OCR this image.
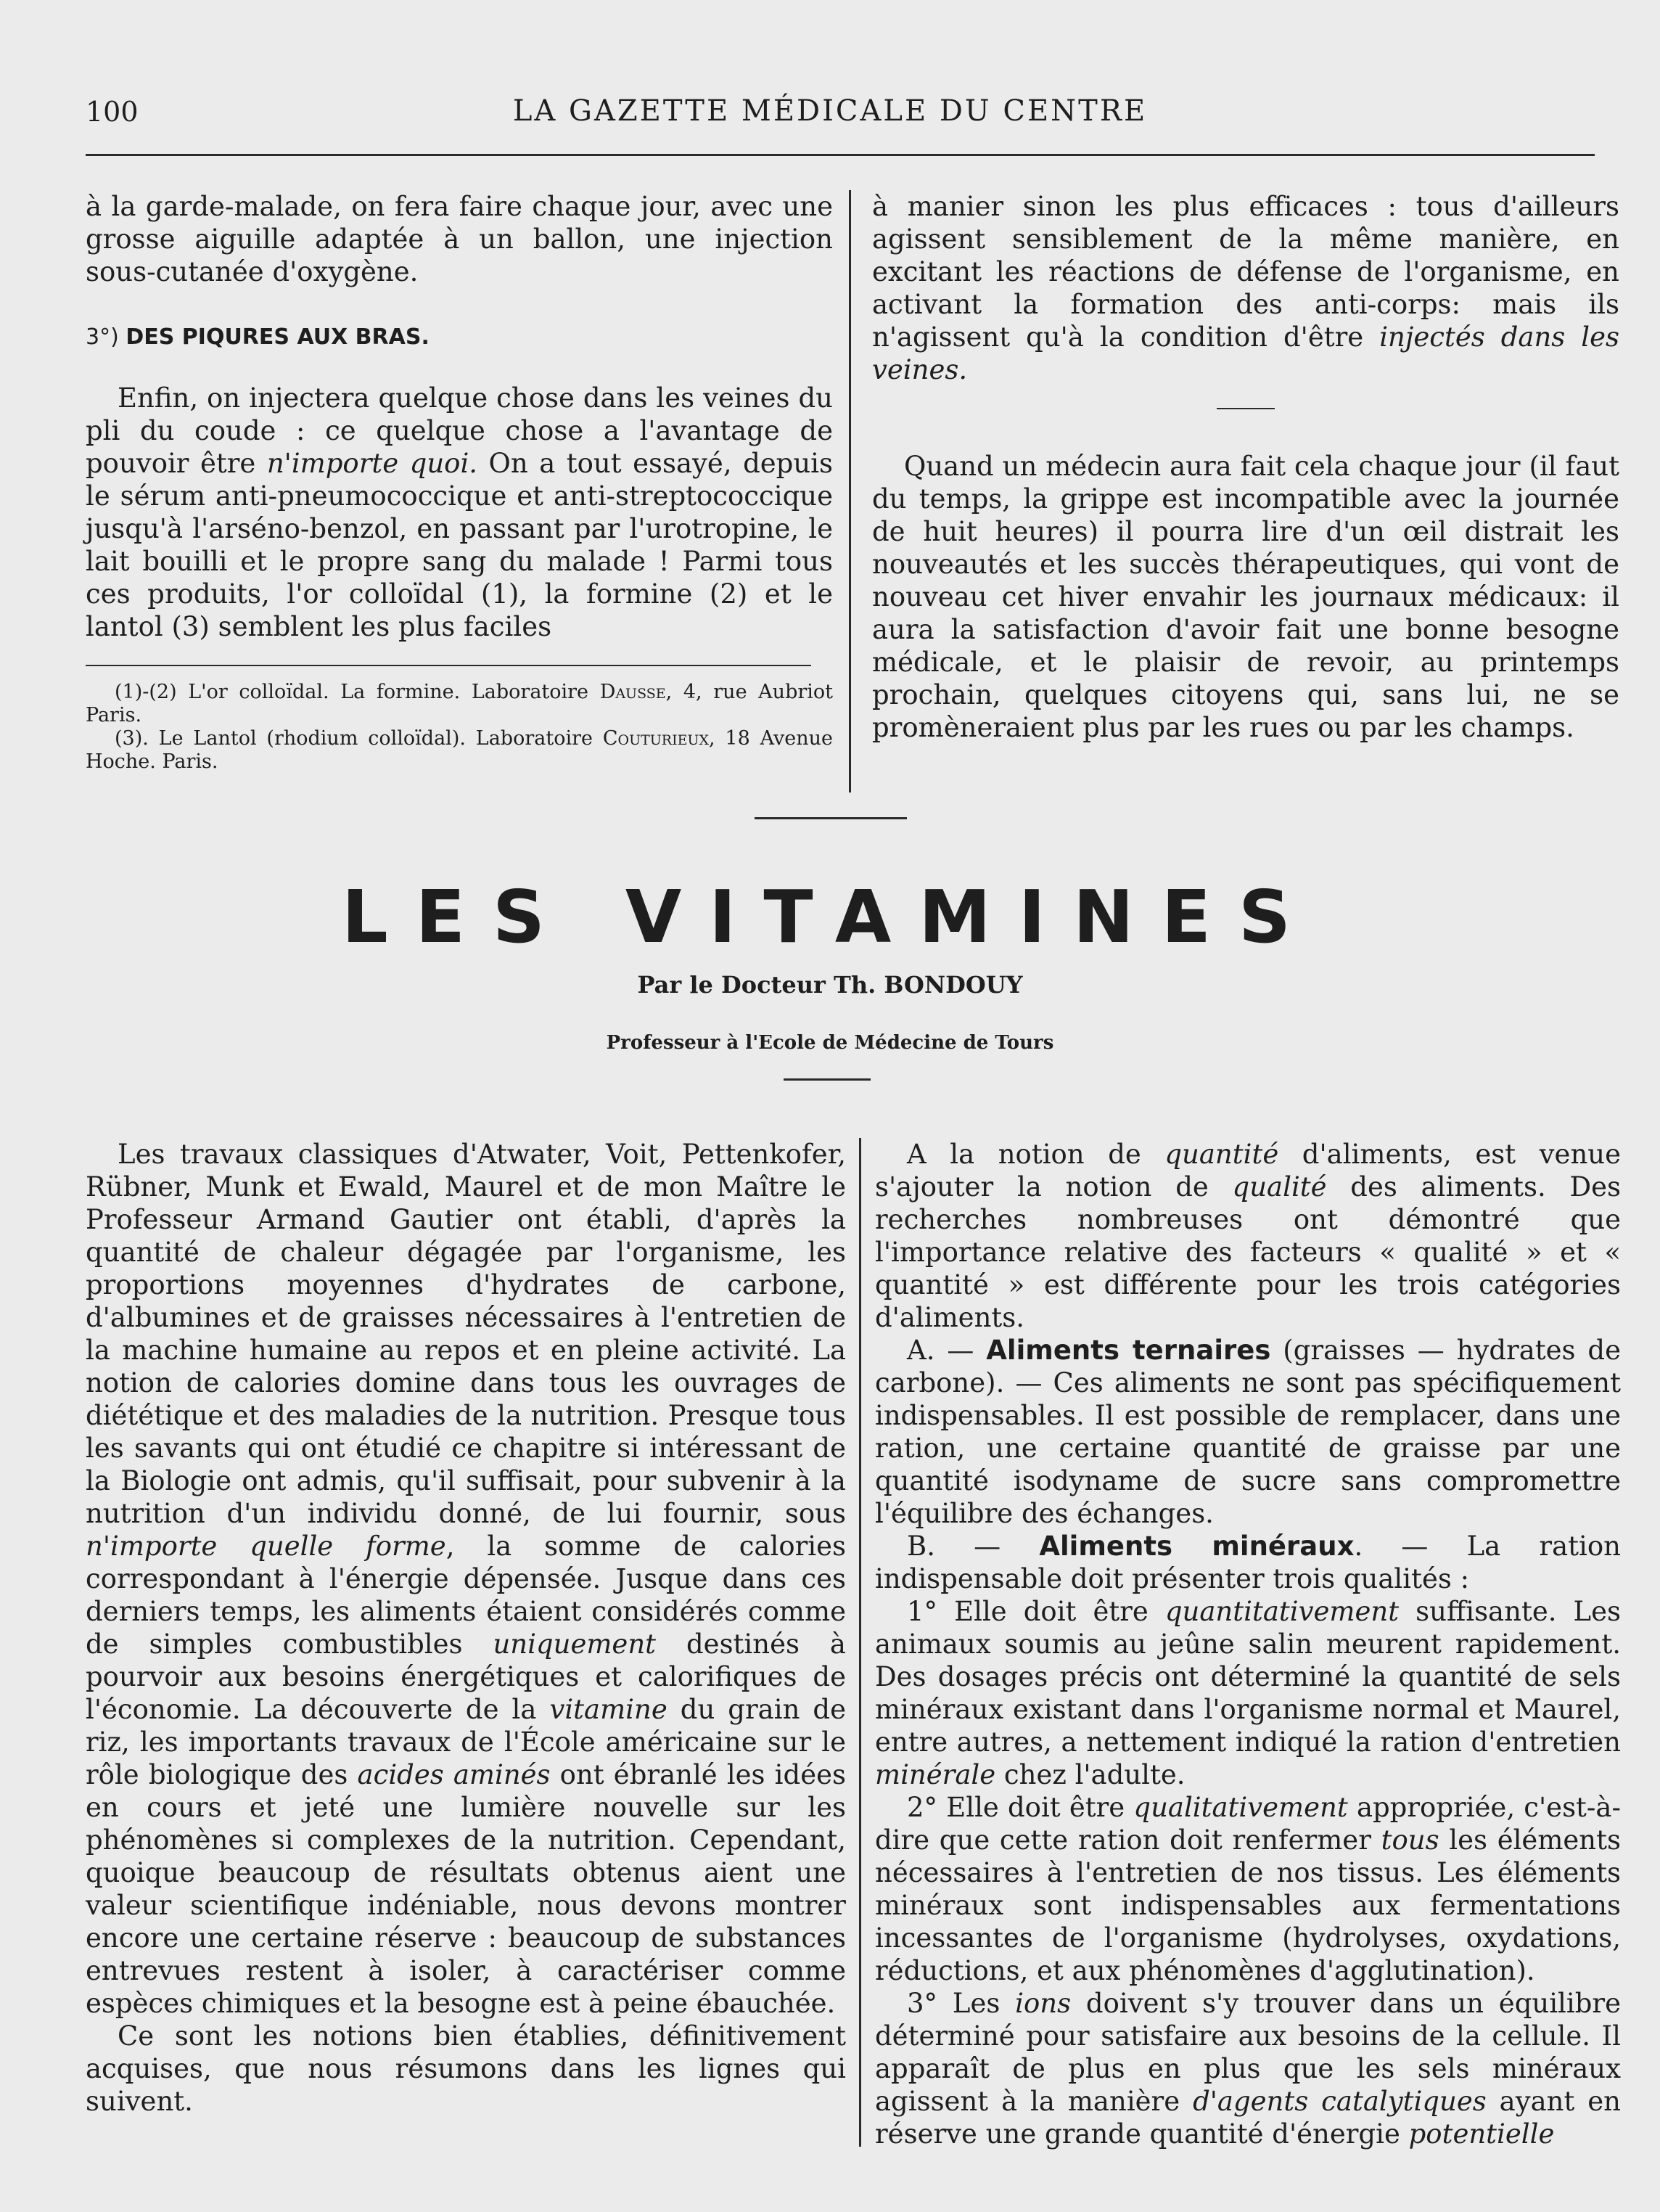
100	LA GAZETTE MÉDICALE DU CENTRE

à la garde-malade, on fera faire chaque jour, avec une grosse aiguille adaptée à un ballon, une injection sous-cutanée d'oxygène.

3°) DES PIQURES AUX BRAS.

Enfin, on injectera quelque chose dans les veines du pli du coude : ce quelque chose a l'avantage de pouvoir être n'importe quoi. On a tout essayé, depuis le sérum anti-pneumococcique et anti-streptococcique jusqu'à l'arséno-benzol, en passant par l'urotropine, le lait bouilli et le propre sang du malade ! Parmi tous ces produits, l'or colloïdal (1), la formine (2) et le lantol (3) semblent les plus faciles

(1)-(2) L'or colloïdal. La formine. Laboratoire Dausse, 4, rue Aubriot Paris.

(3). Le Lantol (rhodium colloïdal). Laboratoire Couturieux, 18 Avenue Hoche. Paris.

à manier sinon les plus efficaces : tous d'ailleurs agissent sensiblement de la même manière, en excitant les réactions de défense de l'organisme, en activant la formation des anti-corps: mais ils n'agissent qu'à la condition d'être injectés dans les veines.

Quand un médecin aura fait cela chaque jour (il faut du temps, la grippe est incompatible avec la journée de huit heures) il pourra lire d'un œil distrait les nouveautés et les succès thérapeutiques, qui vont de nouveau cet hiver envahir les journaux médicaux: il aura la satisfaction d'avoir fait une bonne besogne médicale, et le plaisir de revoir, au printemps prochain, quelques citoyens qui, sans lui, ne se promèneraient plus par les rues ou par les champs.

LES VITAMINES
Par le Docteur Th. BONDOUY
Professeur à l'Ecole de Médecine de Tours

Les travaux classiques d'Atwater, Voit, Pettenkofer, Rübner, Munk et Ewald, Maurel et de mon Maître le Professeur Armand Gautier ont établi, d'après la quantité de chaleur dégagée par l'organisme, les proportions moyennes d'hydrates de carbone, d'albumines et de graisses nécessaires à l'entretien de la machine humaine au repos et en pleine activité. La notion de calories domine dans tous les ouvrages de diététique et des maladies de la nutrition. Presque tous les savants qui ont étudié ce chapitre si intéressant de la Biologie ont admis, qu'il suffisait, pour subvenir à la nutrition d'un individu donné, de lui fournir, sous n'importe quelle forme, la somme de calories correspondant à l'énergie dépensée. Jusque dans ces derniers temps, les aliments étaient considérés comme de simples combustibles uniquement destinés à pourvoir aux besoins énergétiques et calorifiques de l'économie. La découverte de la vitamine du grain de riz, les importants travaux de l'École américaine sur le rôle biologique des acides aminés ont ébranlé les idées en cours et jeté une lumière nouvelle sur les phénomènes si complexes de la nutrition. Cependant, quoique beaucoup de résultats obtenus aient une valeur scientifique indéniable, nous devons montrer encore une certaine réserve : beaucoup de substances entrevues restent à isoler, à caractériser comme espèces chimiques et la besogne est à peine ébauchée.

Ce sont les notions bien établies, définitivement acquises, que nous résumons dans les lignes qui suivent.

A la notion de quantité d'aliments, est venue s'ajouter la notion de qualité des aliments. Des recherches nombreuses ont démontré que l'importance relative des facteurs « qualité » et « quantité » est différente pour les trois catégories d'aliments.

A. — Aliments ternaires (graisses — hydrates de carbone). — Ces aliments ne sont pas spécifiquement indispensables. Il est possible de remplacer, dans une ration, une certaine quantité de graisse par une quantité isodyname de sucre sans compromettre l'équilibre des échanges.

B. — Aliments minéraux. — La ration indispensable doit présenter trois qualités :

1° Elle doit être quantitativement suffisante. Les animaux soumis au jeûne salin meurent rapidement. Des dosages précis ont déterminé la quantité de sels minéraux existant dans l'organisme normal et Maurel, entre autres, a nettement indiqué la ration d'entretien minérale chez l'adulte.

2° Elle doit être qualitativement appropriée, c'est-à-dire que cette ration doit renfermer tous les éléments nécessaires à l'entretien de nos tissus. Les éléments minéraux sont indispensables aux fermentations incessantes de l'organisme (hydrolyses, oxydations, réductions, et aux phénomènes d'agglutination).

3° Les ions doivent s'y trouver dans un équilibre déterminé pour satisfaire aux besoins de la cellule. Il apparaît de plus en plus que les sels minéraux agissent à la manière d'agents catalytiques ayant en réserve une grande quantité d'énergie potentielle
